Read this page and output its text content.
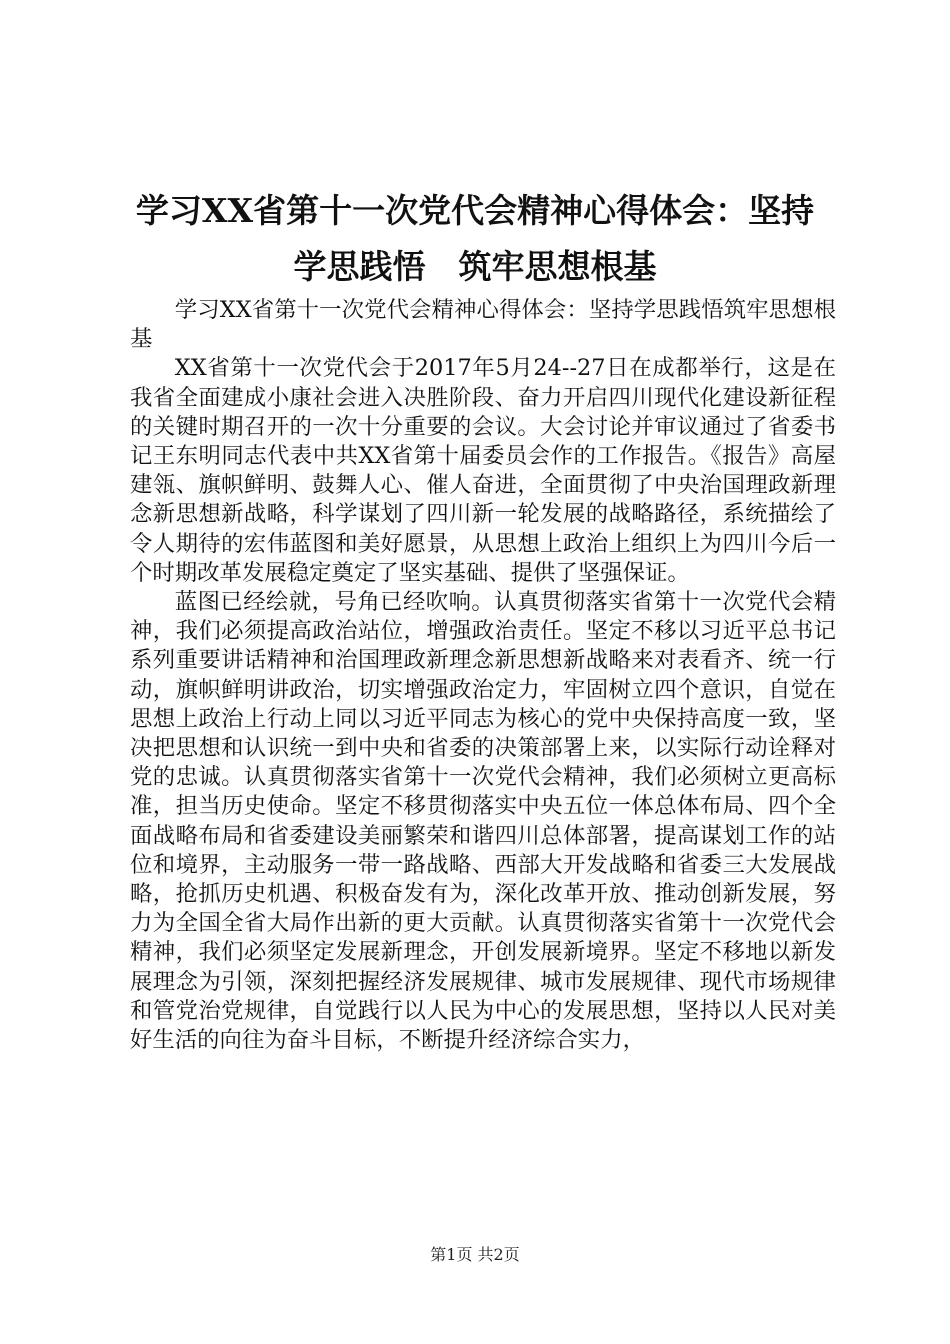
学习XX省第十一次党代会精神心得体会：坚持学思践悟　筑牢思想根基

学习XX省第十一次党代会精神心得体会：坚持学思践悟筑牢思想根基

XX省第十一次党代会于2017年5月24--27日在成都举行，这是在我省全面建成小康社会进入决胜阶段、奋力开启四川现代化建设新征程的关键时期召开的一次十分重要的会议。大会讨论并审议通过了省委书记王东明同志代表中共XX省第十届委员会作的工作报告。《报告》高屋建瓴、旗帜鲜明、鼓舞人心、催人奋进，全面贯彻了中央治国理政新理念新思想新战略，科学谋划了四川新一轮发展的战略路径，系统描绘了令人期待的宏伟蓝图和美好愿景，从思想上政治上组织上为四川今后一个时期改革发展稳定奠定了坚实基础、提供了坚强保证。

蓝图已经绘就，号角已经吹响。认真贯彻落实省第十一次党代会精神，我们必须提高政治站位，增强政治责任。坚定不移以习近平总书记系列重要讲话精神和治国理政新理念新思想新战略来对表看齐、统一行动，旗帜鲜明讲政治，切实增强政治定力，牢固树立四个意识，自觉在思想上政治上行动上同以习近平同志为核心的党中央保持高度一致，坚决把思想和认识统一到中央和省委的决策部署上来，以实际行动诠释对党的忠诚。认真贯彻落实省第十一次党代会精神，我们必须树立更高标准，担当历史使命。坚定不移贯彻落实中央五位一体总体布局、四个全面战略布局和省委建设美丽繁荣和谐四川总体部署，提高谋划工作的站位和境界，主动服务一带一路战略、西部大开发战略和省委三大发展战略，抢抓历史机遇、积极奋发有为，深化改革开放、推动创新发展，努力为全国全省大局作出新的更大贡献。认真贯彻落实省第十一次党代会精神，我们必须坚定发展新理念，开创发展新境界。坚定不移地以新发展理念为引领，深刻把握经济发展规律、城市发展规律、现代市场规律和管党治党规律，自觉践行以人民为中心的发展思想，坚持以人民对美好生活的向往为奋斗目标，不断提升经济综合实力，

第1页 共2页
